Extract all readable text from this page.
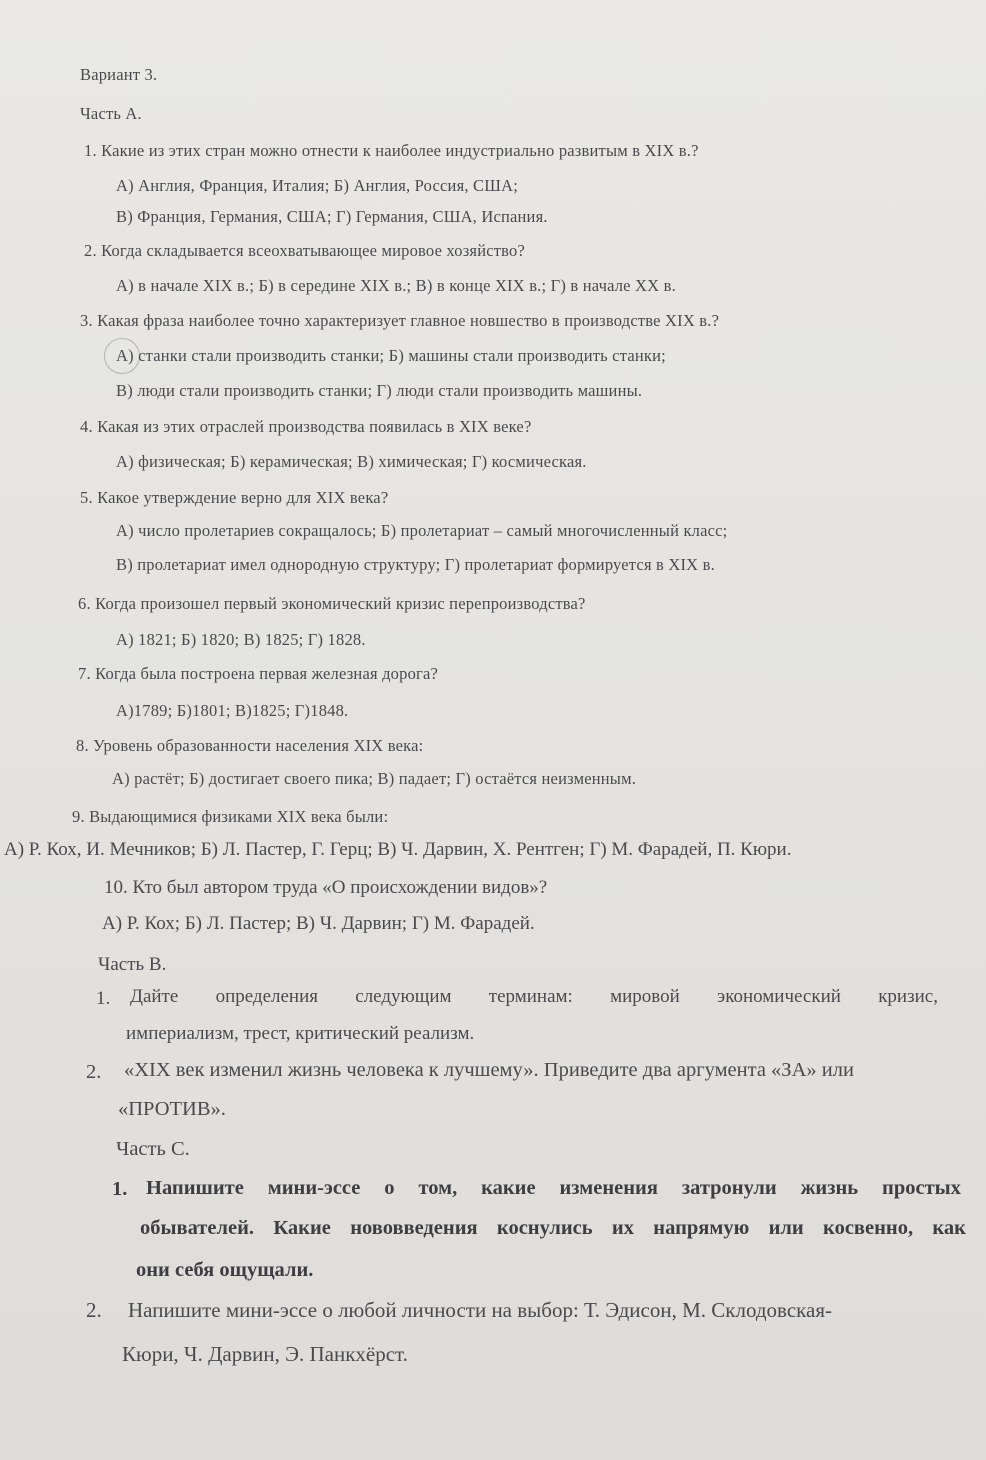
Вариант 3.
Часть А.
1. Какие из этих стран можно отнести к наиболее индустриально развитым в XIX в.?
А) Англия, Франция, Италия; Б) Англия, Россия, США;
В) Франция, Германия, США; Г) Германия, США, Испания.
2. Когда складывается всеохватывающее мировое хозяйство?
А) в начале XIX в.; Б) в середине XIX в.; В) в конце XIX в.; Г) в начале XX в.
3. Какая фраза наиболее точно характеризует главное новшество в производстве XIX в.?
А) станки стали производить станки; Б) машины стали производить станки;
В) люди стали производить станки; Г) люди стали производить машины.
4. Какая из этих отраслей производства появилась в XIX веке?
А) физическая; Б) керамическая; В) химическая; Г) космическая.
5. Какое утверждение верно для XIX века?
А) число пролетариев сокращалось; Б) пролетариат – самый многочисленный класс;
В) пролетариат имел однородную структуру; Г) пролетариат формируется в XIX в.
6. Когда произошел первый экономический кризис перепроизводства?
А) 1821; Б) 1820; В) 1825; Г) 1828.
7. Когда была построена первая железная дорога?
А)1789; Б)1801; В)1825; Г)1848.
8. Уровень образованности населения XIX века:
А) растёт; Б) достигает своего пика; В) падает; Г) остаётся неизменным.
9. Выдающимися физиками XIX века были:
А) Р. Кох, И. Мечников; Б) Л. Пастер, Г. Герц; В) Ч. Дарвин, Х. Рентген; Г) М. Фарадей, П. Кюри.
10. Кто был автором труда «О происхождении видов»?
А) Р. Кох; Б) Л. Пастер; В) Ч. Дарвин; Г) М. Фарадей.
Часть В.
1. Дайте определения следующим терминам: мировой экономический кризис,
империализм, трест, критический реализм.
2. «XIX век изменил жизнь человека к лучшему». Приведите два аргумента «ЗА» или
«ПРОТИВ».
Часть С.
1. Напишите мини-эссе о том, какие изменения затронули жизнь простых
обывателей. Какие нововведения коснулись их напрямую или косвенно, как
они себя ощущали.
2. Напишите мини-эссе о любой личности на выбор: Т. Эдисон, М. Склодовская-
Кюри, Ч. Дарвин, Э. Панкхёрст.
